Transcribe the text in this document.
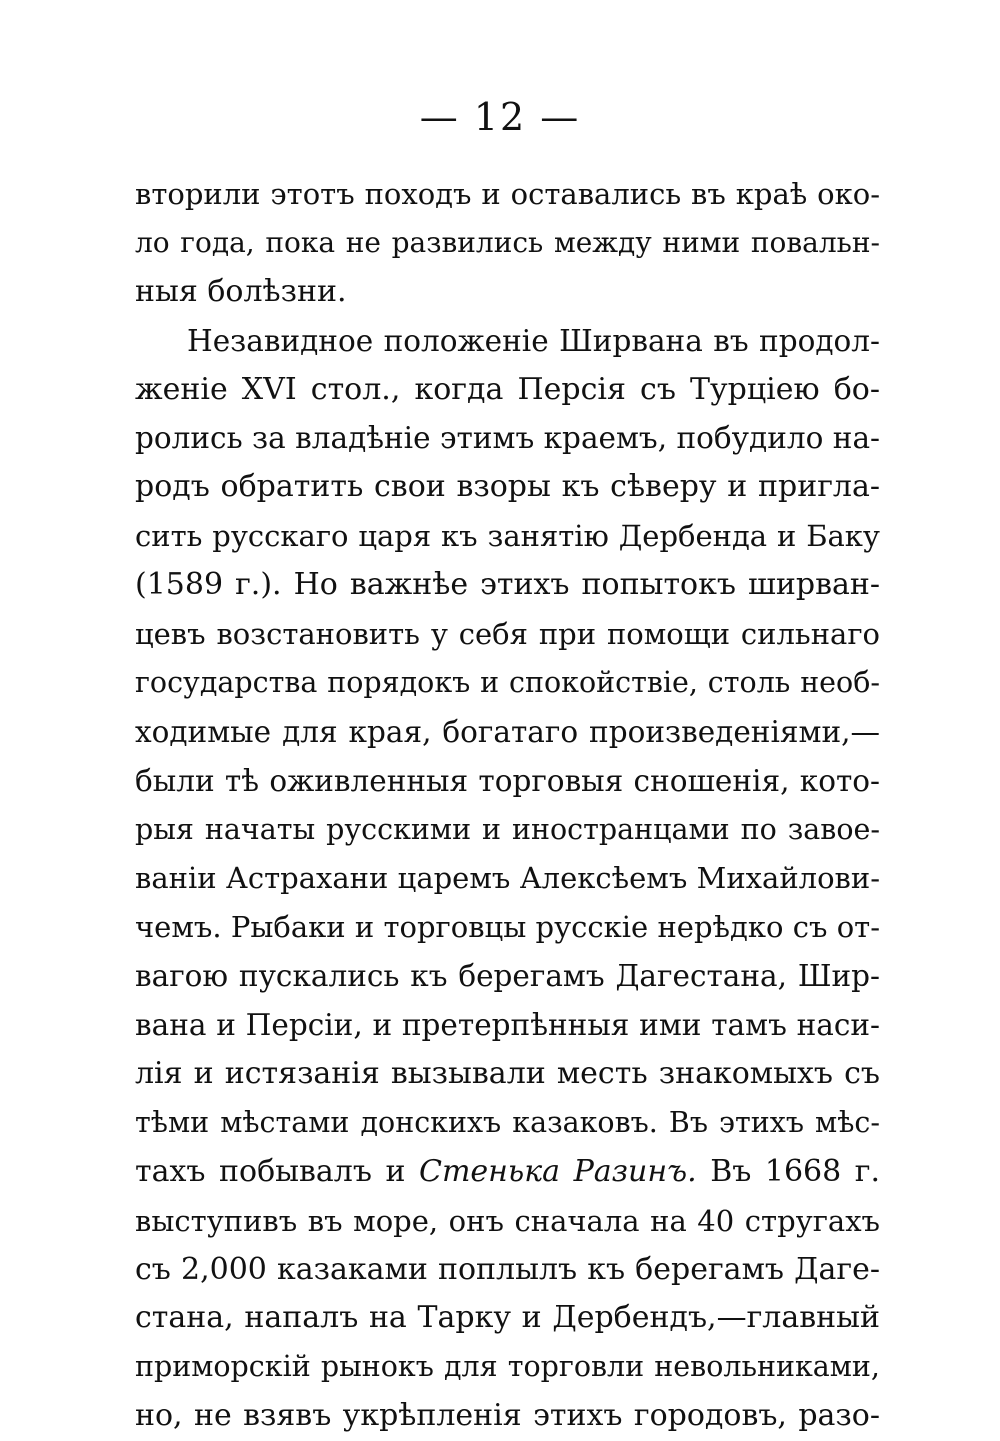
— 12 —
вторили этотъ походъ и оставались въ краѣ око-
ло года, пока не развились между ними повальн-
ныя болѣзни.
Незавидное положеніе Ширвана въ продол-
женіе XVI стол., когда Персія съ Турціею бо-
ролись за владѣніе этимъ краемъ, побудило на-
родъ обратить свои взоры къ сѣверу и пригла-
сить русскаго царя къ занятію Дербенда и Баку
(1589 г.). Но важнѣе этихъ попытокъ ширван-
цевъ возстановить у себя при помощи сильнаго
государства порядокъ и спокойствіе, столь необ-
ходимые для края, богатаго произведеніями,—
были тѣ оживленныя торговыя сношенія, кото-
рыя начаты русскими и иностранцами по завое-
ваніи Астрахани царемъ Алексѣемъ Михайлови-
чемъ. Рыбаки и торговцы русскіе нерѣдко съ от-
вагою пускались къ берегамъ Дагестана, Шир-
вана и Персіи, и претерпѣнныя ими тамъ наси-
лія и истязанія вызывали месть знакомыхъ съ
тѣми мѣстами донскихъ казаковъ. Въ этихъ мѣс-
тахъ побывалъ и Стенька Разинъ. Въ 1668 г.
выступивъ въ море, онъ сначала на 40 стругахъ
съ 2,000 казаками поплылъ къ берегамъ Даге-
стана, напалъ на Тарку и Дербендъ,—главный
приморскій рынокъ для торговли невольниками,
но, не взявъ укрѣпленія этихъ городовъ, разо-
